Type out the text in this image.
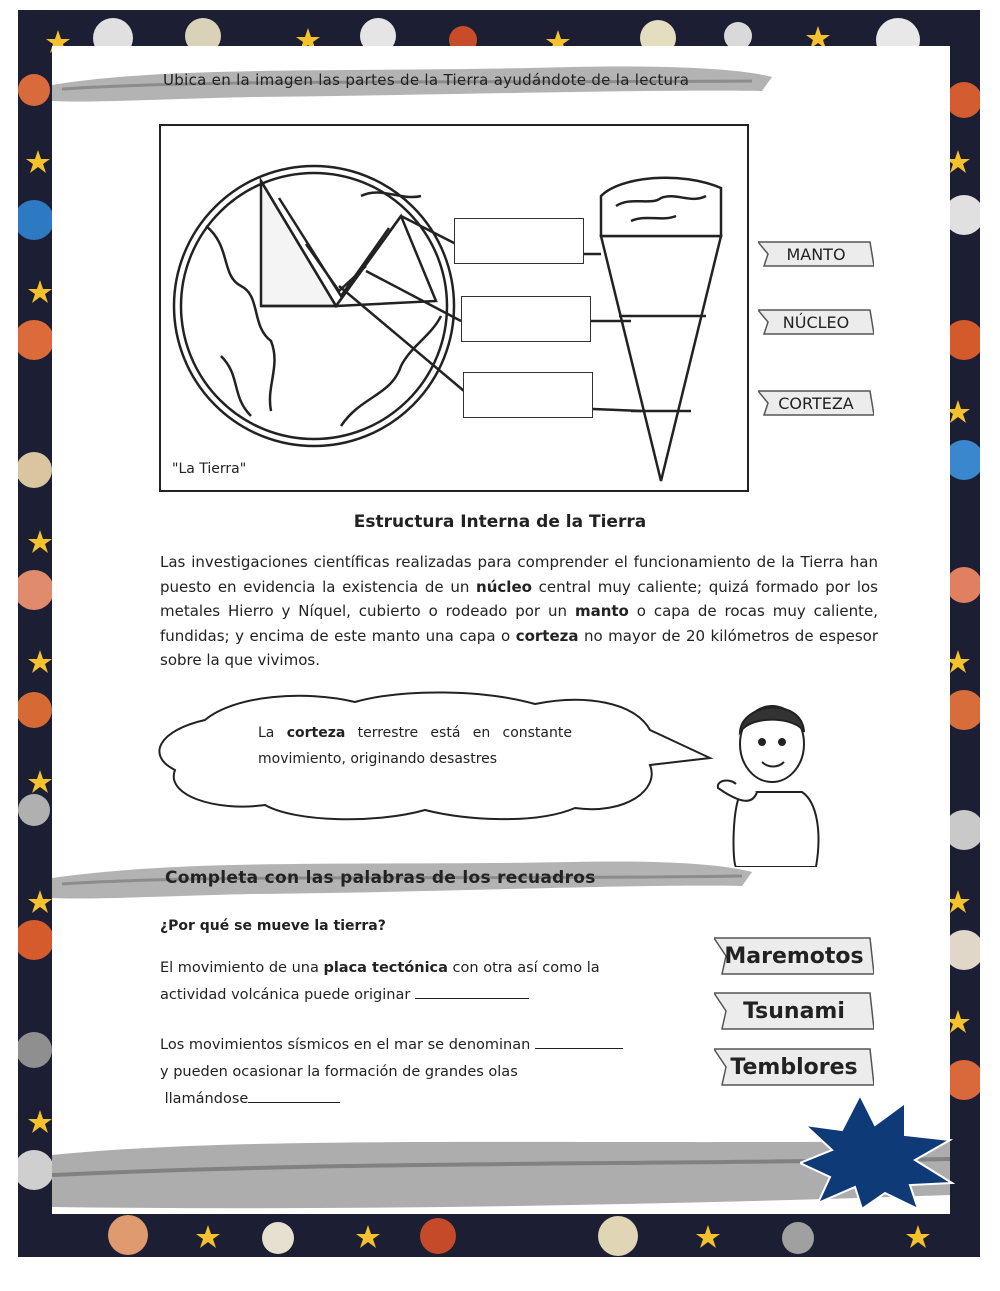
Ubica en la imagen las partes de la Tierra ayudándote de la lectura
"La Tierra"
MANTO
NÚCLEO
CORTEZA
Estructura Interna de la Tierra
Las investigaciones científicas realizadas para comprender el funcionamiento de la Tierra han puesto en evidencia la existencia de un núcleo central muy caliente; quizá formado por los metales Hierro y Níquel, cubierto o rodeado por un manto o capa de rocas muy caliente, fundidas; y encima de este manto una capa o corteza no mayor de 20 kilómetros de espesor sobre la que vivimos.
La corteza terrestre está en constante movimiento, originando desastres
Completa con las palabras de los recuadros
¿Por qué se mueve la tierra?
El movimiento de una placa tectónica con otra así como la
actividad volcánica puede originar
Los movimientos sísmicos en el mar se denominan
y pueden ocasionar la formación de grandes olas
llamándose
Maremotos
Tsunami
Temblores
